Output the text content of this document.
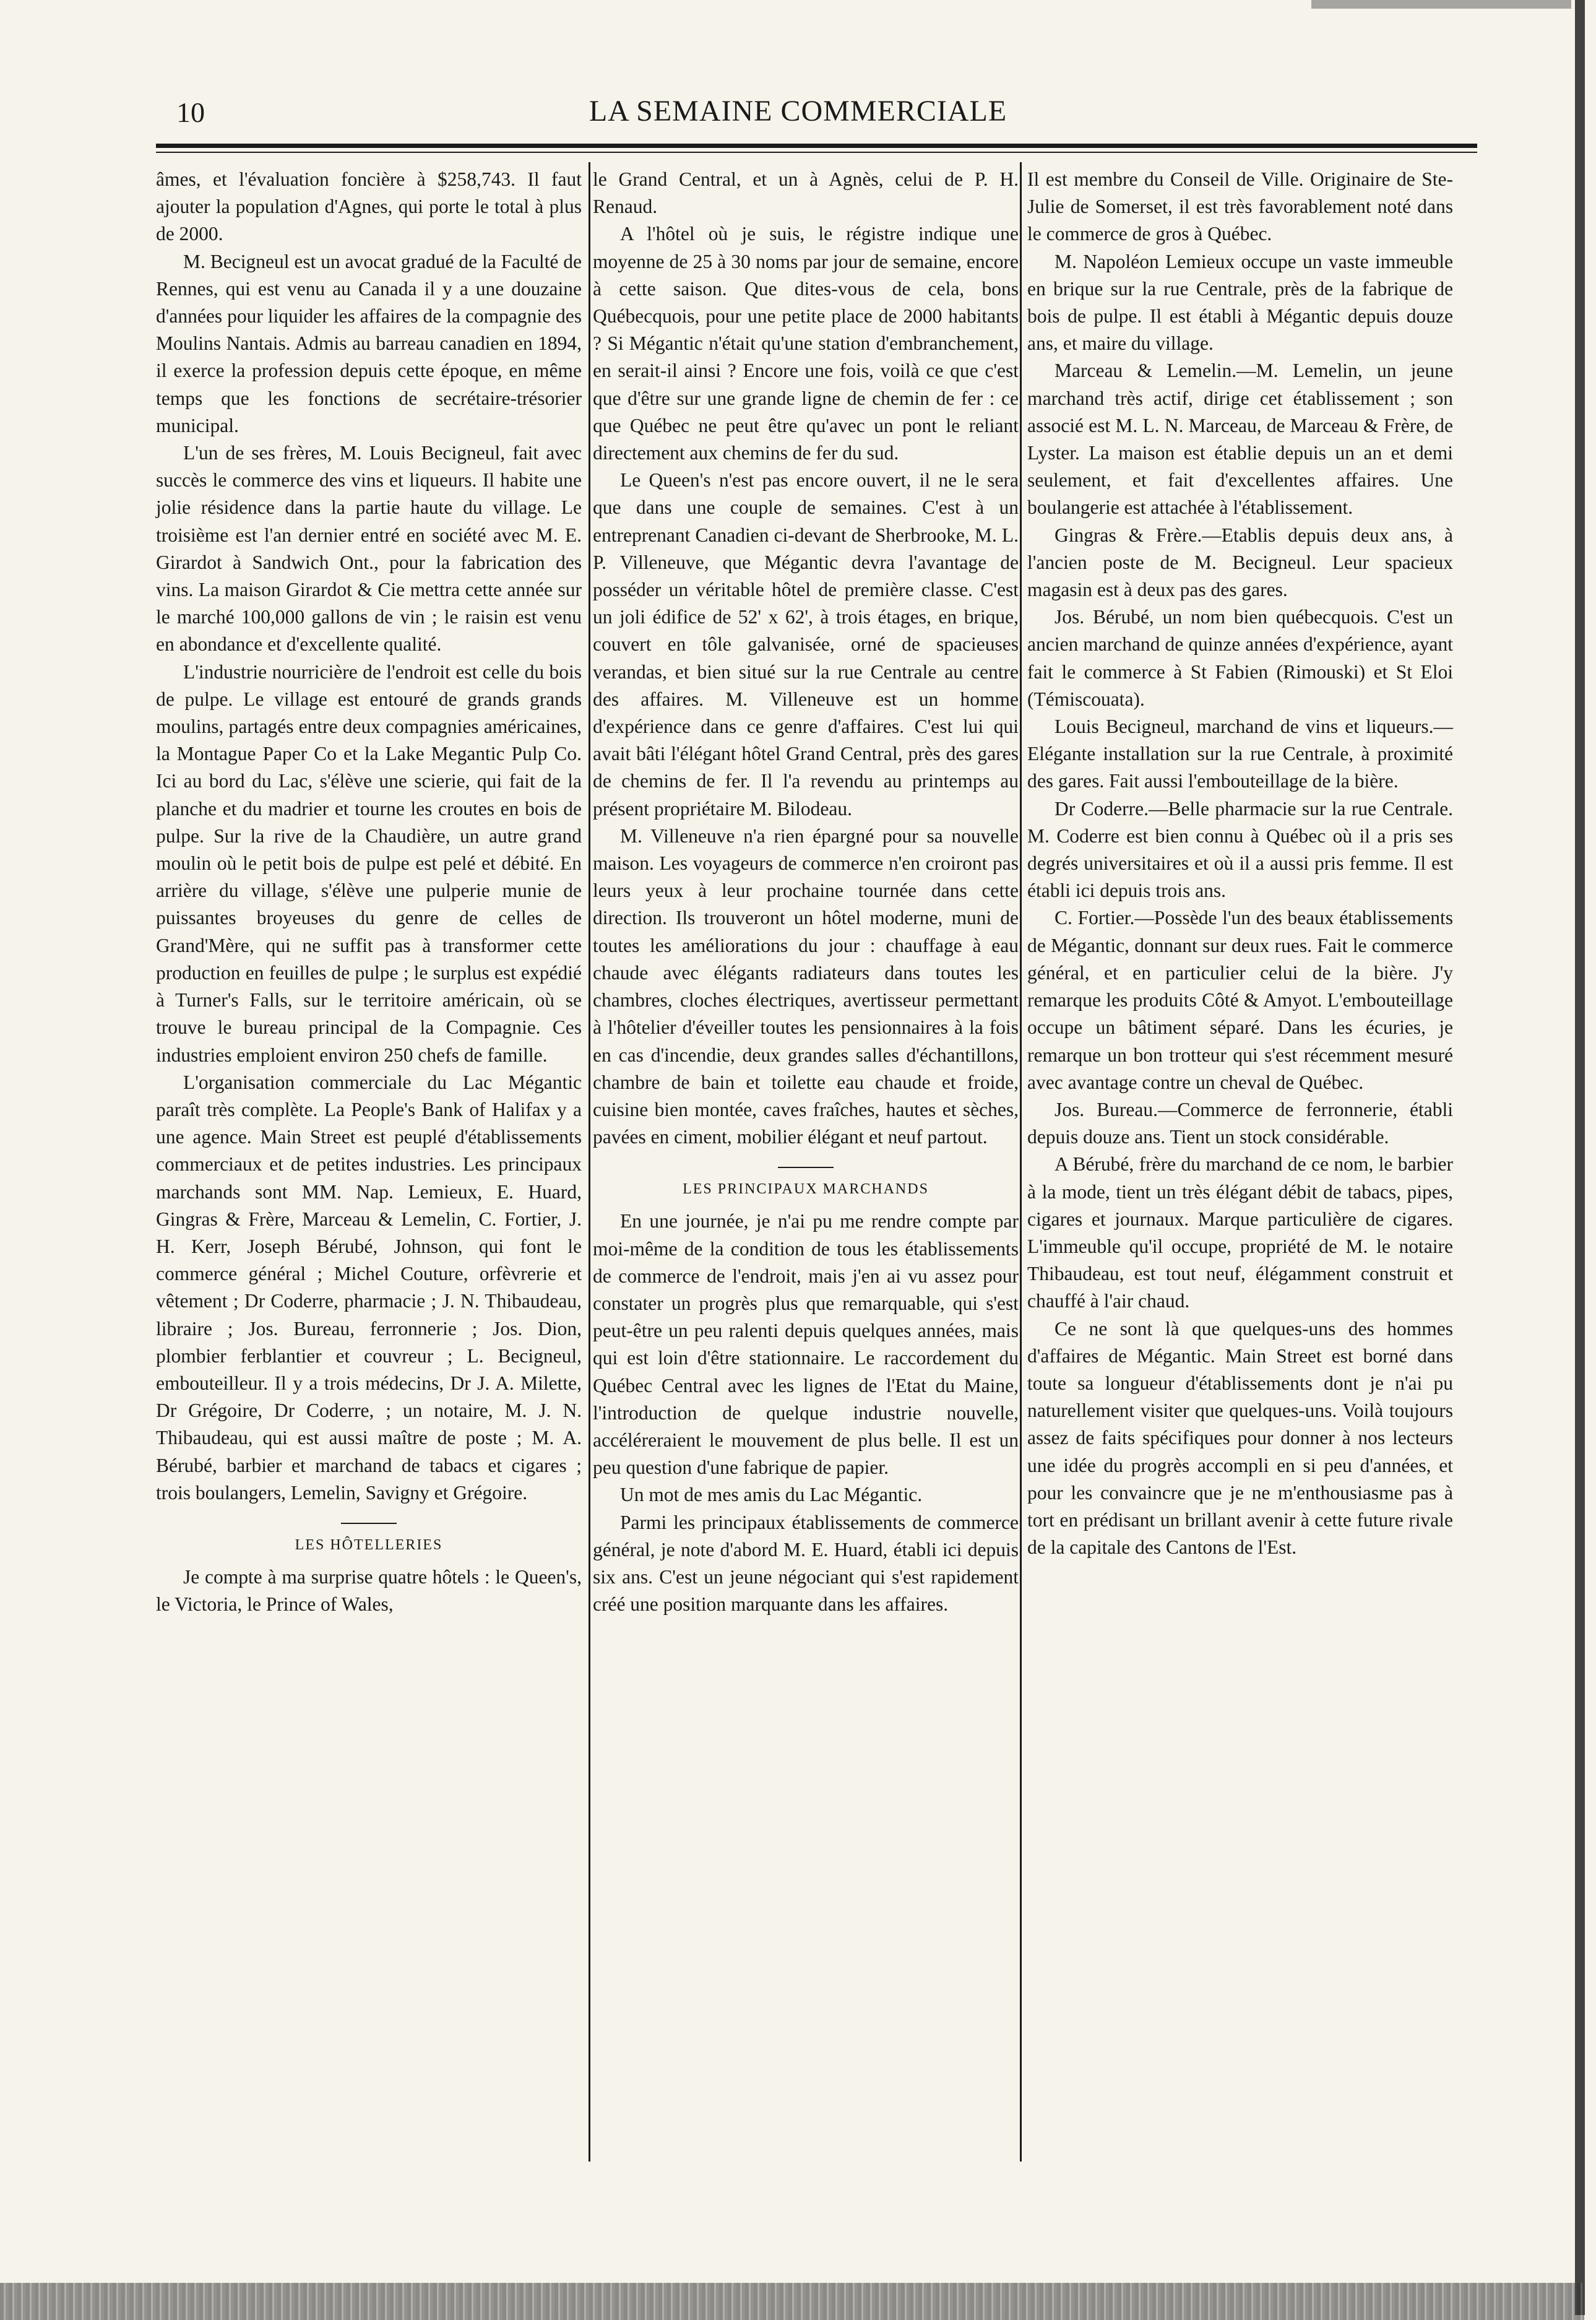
10	LA SEMAINE COMMERCIALE

âmes, et l'évaluation foncière à $258,743. Il faut ajouter la population d'Agnes, qui porte le total à plus de 2000.

M. Becigneul est un avocat gradué de la Faculté de Rennes, qui est venu au Canada il y a une douzaine d'années pour liquider les affaires de la compagnie des Moulins Nantais. Admis au barreau canadien en 1894, il exerce la profession depuis cette époque, en même temps que les fonctions de secrétaire-trésorier municipal.

L'un de ses frères, M. Louis Becigneul, fait avec succès le commerce des vins et liqueurs. Il habite une jolie résidence dans la partie haute du village. Le troisième est l'an dernier entré en société avec M. E. Girardot à Sandwich Ont., pour la fabrication des vins. La maison Girardot & Cie mettra cette année sur le marché 100,000 gallons de vin ; le raisin est venu en abondance et d'excellente qualité.

L'industrie nourricière de l'endroit est celle du bois de pulpe. Le village est entouré de grands grands moulins, partagés entre deux compagnies américaines, la Montague Paper Co et la Lake Megantic Pulp Co. Ici au bord du Lac, s'élève une scierie, qui fait de la planche et du madrier et tourne les croutes en bois de pulpe. Sur la rive de la Chaudière, un autre grand moulin où le petit bois de pulpe est pelé et débité. En arrière du village, s'élève une pulperie munie de puissantes broyeuses du genre de celles de Grand'Mère, qui ne suffit pas à transformer cette production en feuilles de pulpe ; le surplus est expédié à Turner's Falls, sur le territoire américain, où se trouve le bureau principal de la Compagnie. Ces industries emploient environ 250 chefs de famille.

L'organisation commerciale du Lac Mégantic paraît très complète. La People's Bank of Halifax y a une agence. Main Street est peuplé d'établissements commerciaux et de petites industries. Les principaux marchands sont MM. Nap. Lemieux, E. Huard, Gingras & Frère, Marceau & Lemelin, C. Fortier, J. H. Kerr, Joseph Bérubé, Johnson, qui font le commerce général ; Michel Couture, orfèvrerie et vêtement ; Dr Coderre, pharmacie ; J. N. Thibaudeau, libraire ; Jos. Bureau, ferronnerie ; Jos. Dion, plombier ferblantier et couvreur ; L. Becigneul, embouteilleur. Il y a trois médecins, Dr J. A. Milette, Dr Grégoire, Dr Coderre, ; un notaire, M. J. N. Thibaudeau, qui est aussi maître de poste ; M. A. Bérubé, barbier et marchand de tabacs et cigares ; trois boulangers, Lemelin, Savigny et Grégoire.

LES HÔTELLERIES

Je compte à ma surprise quatre hôtels : le Queen's, le Victoria, le Prince of Wales,

le Grand Central, et un à Agnès, celui de P. H. Renaud.

A l'hôtel où je suis, le régistre indique une moyenne de 25 à 30 noms par jour de semaine, encore à cette saison. Que dites-vous de cela, bons Québecquois, pour une petite place de 2000 habitants ? Si Mégantic n'était qu'une station d'embranchement, en serait-il ainsi ? Encore une fois, voilà ce que c'est que d'être sur une grande ligne de chemin de fer : ce que Québec ne peut être qu'avec un pont le reliant directement aux chemins de fer du sud.

Le Queen's n'est pas encore ouvert, il ne le sera que dans une couple de semaines. C'est à un entreprenant Canadien ci-devant de Sherbrooke, M. L. P. Villeneuve, que Mégantic devra l'avantage de posséder un véritable hôtel de première classe. C'est un joli édifice de 52' x 62', à trois étages, en brique, couvert en tôle galvanisée, orné de spacieuses verandas, et bien situé sur la rue Centrale au centre des affaires. M. Villeneuve est un homme d'expérience dans ce genre d'affaires. C'est lui qui avait bâti l'élégant hôtel Grand Central, près des gares de chemins de fer. Il l'a revendu au printemps au présent propriétaire M. Bilodeau.

M. Villeneuve n'a rien épargné pour sa nouvelle maison. Les voyageurs de commerce n'en croiront pas leurs yeux à leur prochaine tournée dans cette direction. Ils trouveront un hôtel moderne, muni de toutes les améliorations du jour : chauffage à eau chaude avec élégants radiateurs dans toutes les chambres, cloches électriques, avertisseur permettant à l'hôtelier d'éveiller toutes les pensionnaires à la fois en cas d'incendie, deux grandes salles d'échantillons, chambre de bain et toilette eau chaude et froide, cuisine bien montée, caves fraîches, hautes et sèches, pavées en ciment, mobilier élégant et neuf partout.

LES PRINCIPAUX MARCHANDS

En une journée, je n'ai pu me rendre compte par moi-même de la condition de tous les établissements de commerce de l'endroit, mais j'en ai vu assez pour constater un progrès plus que remarquable, qui s'est peut-être un peu ralenti depuis quelques années, mais qui est loin d'être stationnaire. Le raccordement du Québec Central avec les lignes de l'Etat du Maine, l'introduction de quelque industrie nouvelle, accéléreraient le mouvement de plus belle. Il est un peu question d'une fabrique de papier.

Un mot de mes amis du Lac Mégantic.

Parmi les principaux établissements de commerce général, je note d'abord M. E. Huard, établi ici depuis six ans. C'est un jeune négociant qui s'est rapidement créé une position marquante dans les affaires.

Il est membre du Conseil de Ville. Originaire de Ste-Julie de Somerset, il est très favorablement noté dans le commerce de gros à Québec.

M. Napoléon Lemieux occupe un vaste immeuble en brique sur la rue Centrale, près de la fabrique de bois de pulpe. Il est établi à Mégantic depuis douze ans, et maire du village.

Marceau & Lemelin.—M. Lemelin, un jeune marchand très actif, dirige cet établissement ; son associé est M. L. N. Marceau, de Marceau & Frère, de Lyster. La maison est établie depuis un an et demi seulement, et fait d'excellentes affaires. Une boulangerie est attachée à l'établissement.

Gingras & Frère.—Etablis depuis deux ans, à l'ancien poste de M. Becigneul. Leur spacieux magasin est à deux pas des gares.

Jos. Bérubé, un nom bien québecquois. C'est un ancien marchand de quinze années d'expérience, ayant fait le commerce à St Fabien (Rimouski) et St Eloi (Témiscouata).

Louis Becigneul, marchand de vins et liqueurs.—Elégante installation sur la rue Centrale, à proximité des gares. Fait aussi l'embouteillage de la bière.

Dr Coderre.—Belle pharmacie sur la rue Centrale. M. Coderre est bien connu à Québec où il a pris ses degrés universitaires et où il a aussi pris femme. Il est établi ici depuis trois ans.

C. Fortier.—Possède l'un des beaux établissements de Mégantic, donnant sur deux rues. Fait le commerce général, et en particulier celui de la bière. J'y remarque les produits Côté & Amyot. L'embouteillage occupe un bâtiment séparé. Dans les écuries, je remarque un bon trotteur qui s'est récemment mesuré avec avantage contre un cheval de Québec.

Jos. Bureau.—Commerce de ferronnerie, établi depuis douze ans. Tient un stock considérable.

A Bérubé, frère du marchand de ce nom, le barbier à la mode, tient un très élégant débit de tabacs, pipes, cigares et journaux. Marque particulière de cigares. L'immeuble qu'il occupe, propriété de M. le notaire Thibaudeau, est tout neuf, élégamment construit et chauffé à l'air chaud.

Ce ne sont là que quelques-uns des hommes d'affaires de Mégantic. Main Street est borné dans toute sa longueur d'établissements dont je n'ai pu naturellement visiter que quelques-uns. Voilà toujours assez de faits spécifiques pour donner à nos lecteurs une idée du progrès accompli en si peu d'années, et pour les convaincre que je ne m'enthousiasme pas à tort en prédisant un brillant avenir à cette future rivale de la capitale des Cantons de l'Est.
